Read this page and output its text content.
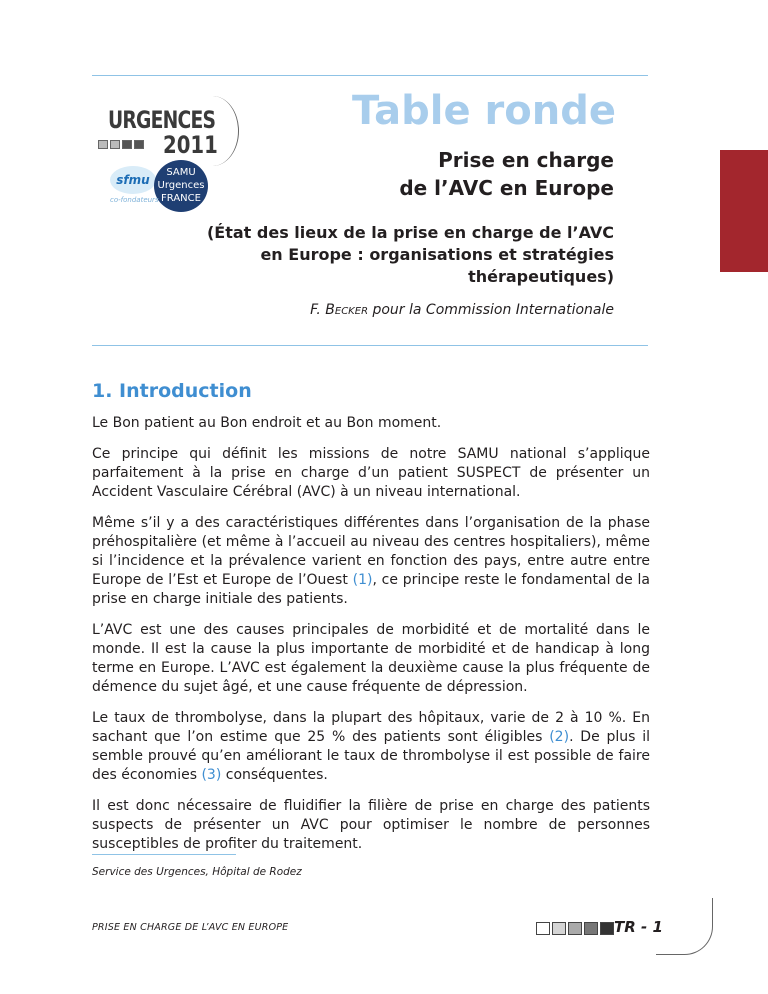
URGENCES
2011
sfmu
SAMU
Urgences
FRANCE
co-fondateurs
Table ronde
Prise en charge
de l’AVC en Europe
(État des lieux de la prise en charge de l’AVC
en Europe : organisations et stratégies
thérapeutiques)
F. Becker pour la Commission Internationale
1. Introduction

Le Bon patient au Bon endroit et au Bon moment.

Ce principe qui définit les missions de notre SAMU national s’applique parfaitement à la prise en charge d’un patient SUSPECT de présenter un Accident Vasculaire Cérébral (AVC) à un niveau international.

Même s’il y a des caractéristiques différentes dans l’organisation de la phase préhospitalière (et même à l’accueil au niveau des centres hospitaliers), même si l’incidence et la prévalence varient en fonction des pays, entre autre entre Europe de l’Est et Europe de l’Ouest (1), ce principe reste le fondamental de la prise en charge initiale des patients.

L’AVC est une des causes principales de morbidité et de mortalité dans le monde. Il est la cause la plus importante de morbidité et de handicap à long terme en Europe. L’AVC est également la deuxième cause la plus fréquente de démence du sujet âgé, et une cause fréquente de dépression.

Le taux de thrombolyse, dans la plupart des hôpitaux, varie de 2 à 10 %. En sachant que l’on estime que 25 % des patients sont éligibles (2). De plus il semble prouvé qu’en améliorant le taux de thrombolyse il est possible de faire des économies (3) conséquentes.

Il est donc nécessaire de fluidifier la filière de prise en charge des patients suspects de présenter un AVC pour optimiser le nombre de personnes susceptibles de profiter du traitement.

Service des Urgences, Hôpital de Rodez
PRISE EN CHARGE DE L’AVC EN EUROPE	TR - 1
